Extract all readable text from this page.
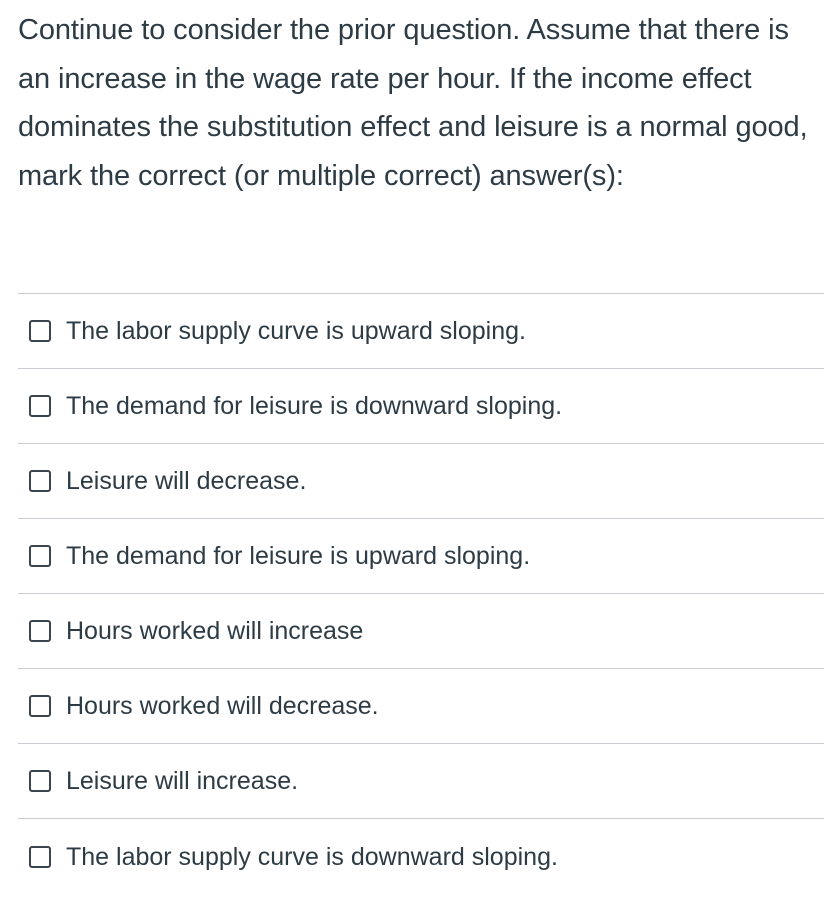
Continue to consider the prior question. Assume that there is an increase in the wage rate per hour. If the income effect dominates the substitution effect and leisure is a normal good, mark the correct (or multiple correct) answer(s):

The labor supply curve is upward sloping.
The demand for leisure is downward sloping.
Leisure will decrease.
The demand for leisure is upward sloping.
Hours worked will increase
Hours worked will decrease.
Leisure will increase.
The labor supply curve is downward sloping.
